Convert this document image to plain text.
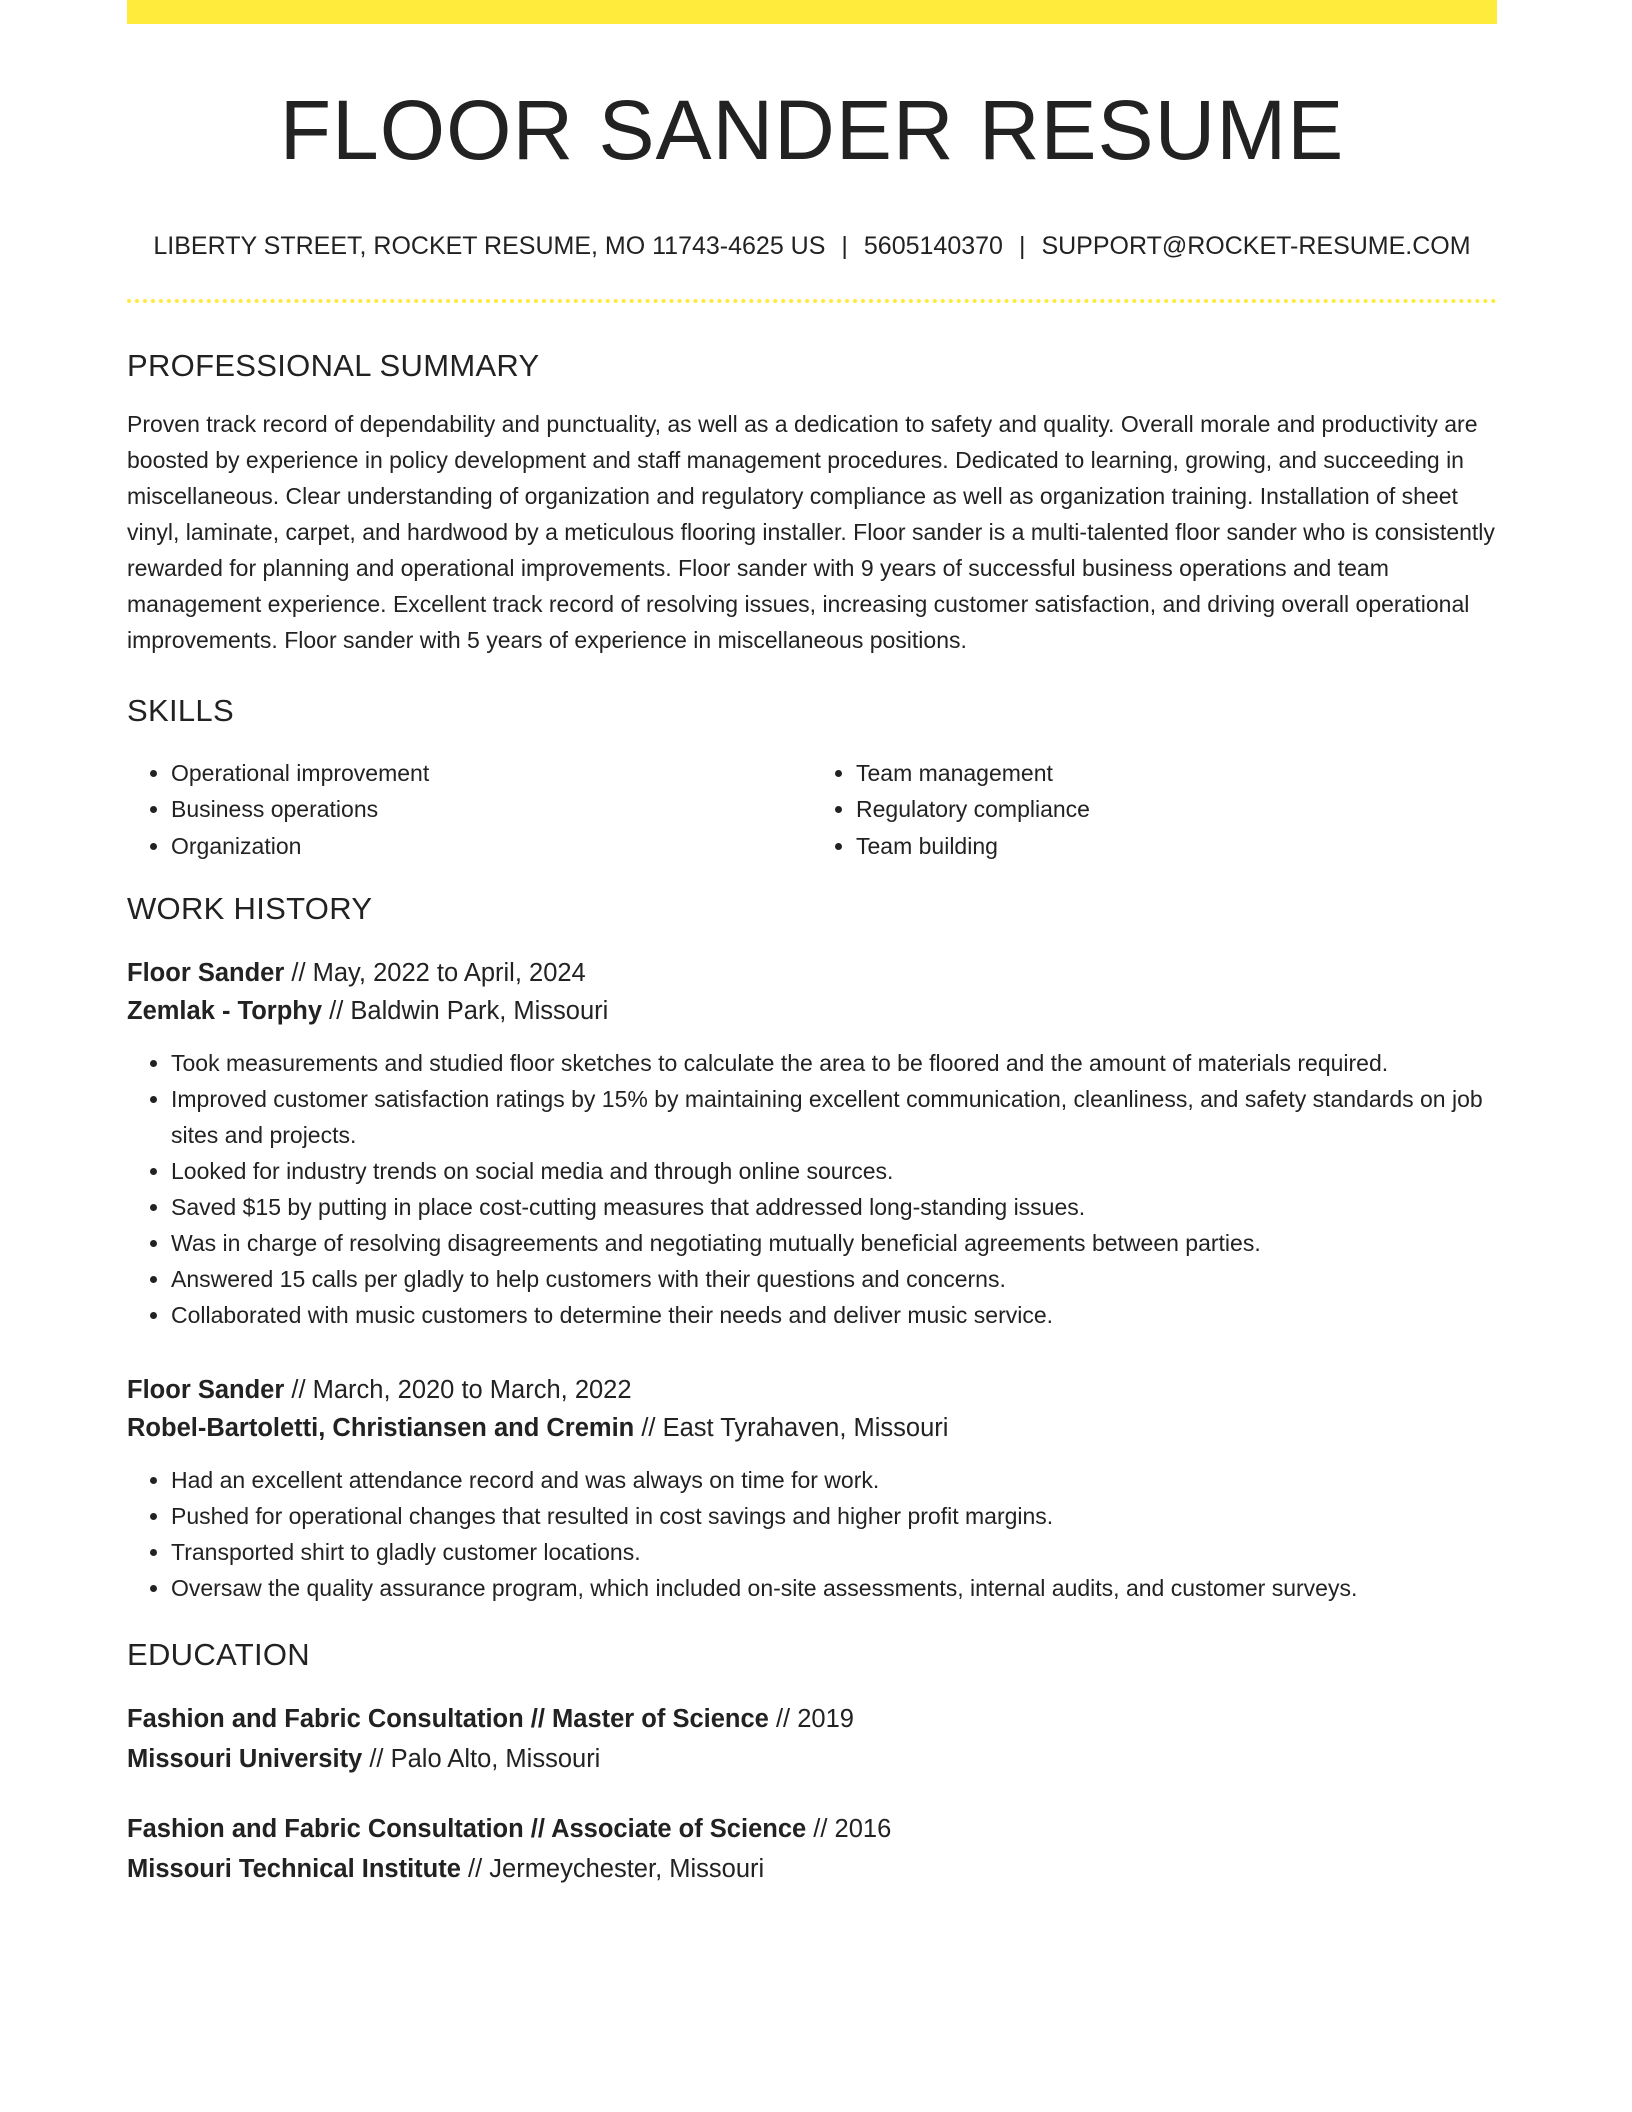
FLOOR SANDER RESUME
LIBERTY STREET, ROCKET RESUME, MO 11743-4625 US | 5605140370 | SUPPORT@ROCKET-RESUME.COM
PROFESSIONAL SUMMARY

Proven track record of dependability and punctuality, as well as a dedication to safety and quality. Overall morale and productivity are boosted by experience in policy development and staff management procedures. Dedicated to learning, growing, and succeeding in miscellaneous. Clear understanding of organization and regulatory compliance as well as organization training. Installation of sheet vinyl, laminate, carpet, and hardwood by a meticulous flooring installer. Floor sander is a multi-talented floor sander who is consistently rewarded for planning and operational improvements. Floor sander with 9 years of successful business operations and team management experience. Excellent track record of resolving issues, increasing customer satisfaction, and driving overall operational improvements. Floor sander with 5 years of experience in miscellaneous positions.

SKILLS
• Operational improvement
• Business operations
• Organization
• Team management
• Regulatory compliance
• Team building
WORK HISTORY
Floor Sander // May, 2022 to April, 2024
Zemlak - Torphy // Baldwin Park, Missouri
• Took measurements and studied floor sketches to calculate the area to be floored and the amount of materials required.
• Improved customer satisfaction ratings by 15% by maintaining excellent communication, cleanliness, and safety standards on job sites and projects.
• Looked for industry trends on social media and through online sources.
• Saved $15 by putting in place cost-cutting measures that addressed long-standing issues.
• Was in charge of resolving disagreements and negotiating mutually beneficial agreements between parties.
• Answered 15 calls per gladly to help customers with their questions and concerns.
• Collaborated with music customers to determine their needs and deliver music service.
Floor Sander // March, 2020 to March, 2022
Robel-Bartoletti, Christiansen and Cremin // East Tyrahaven, Missouri
• Had an excellent attendance record and was always on time for work.
• Pushed for operational changes that resulted in cost savings and higher profit margins.
• Transported shirt to gladly customer locations.
• Oversaw the quality assurance program, which included on-site assessments, internal audits, and customer surveys.
EDUCATION
Fashion and Fabric Consultation // Master of Science // 2019
Missouri University // Palo Alto, Missouri
Fashion and Fabric Consultation // Associate of Science // 2016
Missouri Technical Institute // Jermeychester, Missouri
